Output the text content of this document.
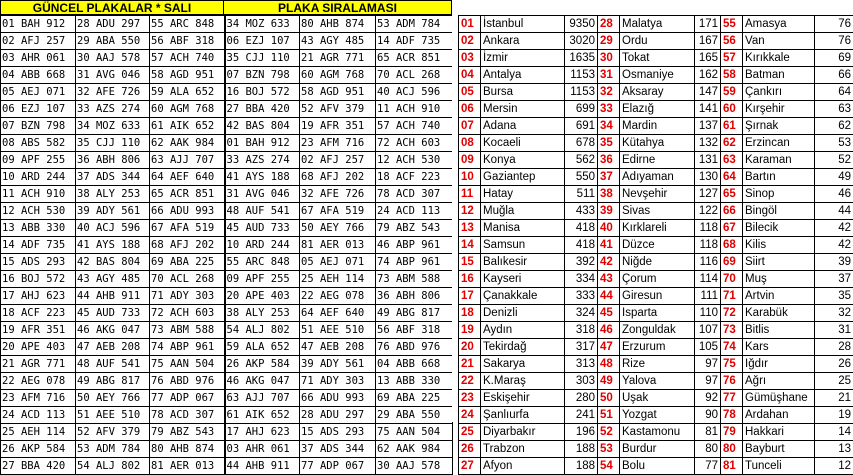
GÜNCEL PLAKALAR * SALI	PLAKA SIRALAMASI
01 BAH 912	28 ADU 297	55 ARC 848	34 MOZ 633	80 AHB 874	53 ADM 784
02 AFJ 257	29 ABA 550	56 ABF 318	06 EZJ 107	43 AGY 485	14 ADF 735
03 AHR 061	30 AAJ 578	57 ACH 740	35 CJJ 110	21 AGR 771	65 ACR 851
04 ABB 668	31 AVG 046	58 AGD 951	07 BZN 798	60 AGM 768	70 ACL 268
05 AEJ 071	32 AFE 726	59 ALA 652	16 BOJ 572	58 AGD 951	40 ACJ 596
06 EZJ 107	33 AZS 274	60 AGM 768	27 BBA 420	52 AFV 379	11 ACH 910
07 BZN 798	34 MOZ 633	61 AIK 652	42 BAS 804	19 AFR 351	57 ACH 740
08 ABS 582	35 CJJ 110	62 AAK 984	01 BAH 912	23 AFM 716	72 ACH 603
09 APF 255	36 ABH 806	63 AJJ 707	33 AZS 274	02 AFJ 257	12 ACH 530
10 ARD 244	37 ADS 344	64 AEF 640	41 AYS 188	68 AFJ 202	18 ACF 223
11 ACH 910	38 ALY 253	65 ACR 851	31 AVG 046	32 AFE 726	78 ACD 307
12 ACH 530	39 ADY 561	66 ADU 993	48 AUF 541	67 AFA 519	24 ACD 113
13 ABB 330	40 ACJ 596	67 AFA 519	45 AUD 733	50 AEY 766	79 ABZ 543
14 ADF 735	41 AYS 188	68 AFJ 202	10 ARD 244	81 AER 013	46 ABP 961
15 ADS 293	42 BAS 804	69 ABA 225	55 ARC 848	05 AEJ 071	74 ABP 961
16 BOJ 572	43 AGY 485	70 ACL 268	09 APF 255	25 AEH 114	73 ABM 588
17 AHJ 623	44 AHB 911	71 ADY 303	20 APE 403	22 AEG 078	36 ABH 806
18 ACF 223	45 AUD 733	72 ACH 603	38 ALY 253	64 AEF 640	49 ABG 817
19 AFR 351	46 AKG 047	73 ABM 588	54 ALJ 802	51 AEE 510	56 ABF 318
20 APE 403	47 AEB 208	74 ABP 961	59 ALA 652	47 AEB 208	76 ABD 976
21 AGR 771	48 AUF 541	75 AAN 504	26 AKP 584	39 ADY 561	04 ABB 668
22 AEG 078	49 ABG 817	76 ABD 976	46 AKG 047	71 ADY 303	13 ABB 330
23 AFM 716	50 AEY 766	77 ADP 067	63 AJJ 707	66 ADU 993	69 ABA 225
24 ACD 113	51 AEE 510	78 ACD 307	61 AIK 652	28 ADU 297	29 ABA 550
25 AEH 114	52 AFV 379	79 ABZ 543	17 AHJ 623	15 ADS 293	75 AAN 504
26 AKP 584	53 ADM 784	80 AHB 874	03 AHR 061	37 ADS 344	62 AAK 984
27 BBA 420	54 ALJ 802	81 AER 013	44 AHB 911	77 ADP 067	30 AAJ 578
01	İstanbul	9350	28	Malatya	171	55	Amasya	76
02	Ankara	3020	29	Ordu	167	56	Van	76
03	İzmir	1635	30	Tokat	165	57	Kırıkkale	69
04	Antalya	1153	31	Osmaniye	162	58	Batman	66
05	Bursa	1153	32	Aksaray	147	59	Çankırı	64
06	Mersin	699	33	Elazığ	141	60	Kırşehir	63
07	Adana	691	34	Mardin	137	61	Şırnak	62
08	Kocaeli	678	35	Kütahya	132	62	Erzincan	53
09	Konya	562	36	Edirne	131	63	Karaman	52
10	Gaziantep	550	37	Adıyaman	130	64	Bartın	49
11	Hatay	511	38	Nevşehir	127	65	Sinop	46
12	Muğla	433	39	Sivas	122	66	Bingöl	44
13	Manisa	418	40	Kırklareli	118	67	Bilecik	42
14	Samsun	418	41	Düzce	118	68	Kilis	42
15	Balıkesir	392	42	Niğde	116	69	Siirt	39
16	Kayseri	334	43	Çorum	114	70	Muş	37
17	Çanakkale	333	44	Giresun	111	71	Artvin	35
18	Denizli	324	45	Isparta	110	72	Karabük	32
19	Aydın	318	46	Zonguldak	107	73	Bitlis	31
20	Tekirdağ	317	47	Erzurum	105	74	Kars	28
21	Sakarya	313	48	Rize	97	75	Iğdır	26
22	K.Maraş	303	49	Yalova	97	76	Ağrı	25
23	Eskişehir	280	50	Uşak	92	77	Gümüşhane	21
24	Şanlıurfa	241	51	Yozgat	90	78	Ardahan	19
25	Diyarbakır	196	52	Kastamonu	81	79	Hakkari	14
26	Trabzon	188	53	Burdur	80	80	Bayburt	13
27	Afyon	188	54	Bolu	77	81	Tunceli	12
